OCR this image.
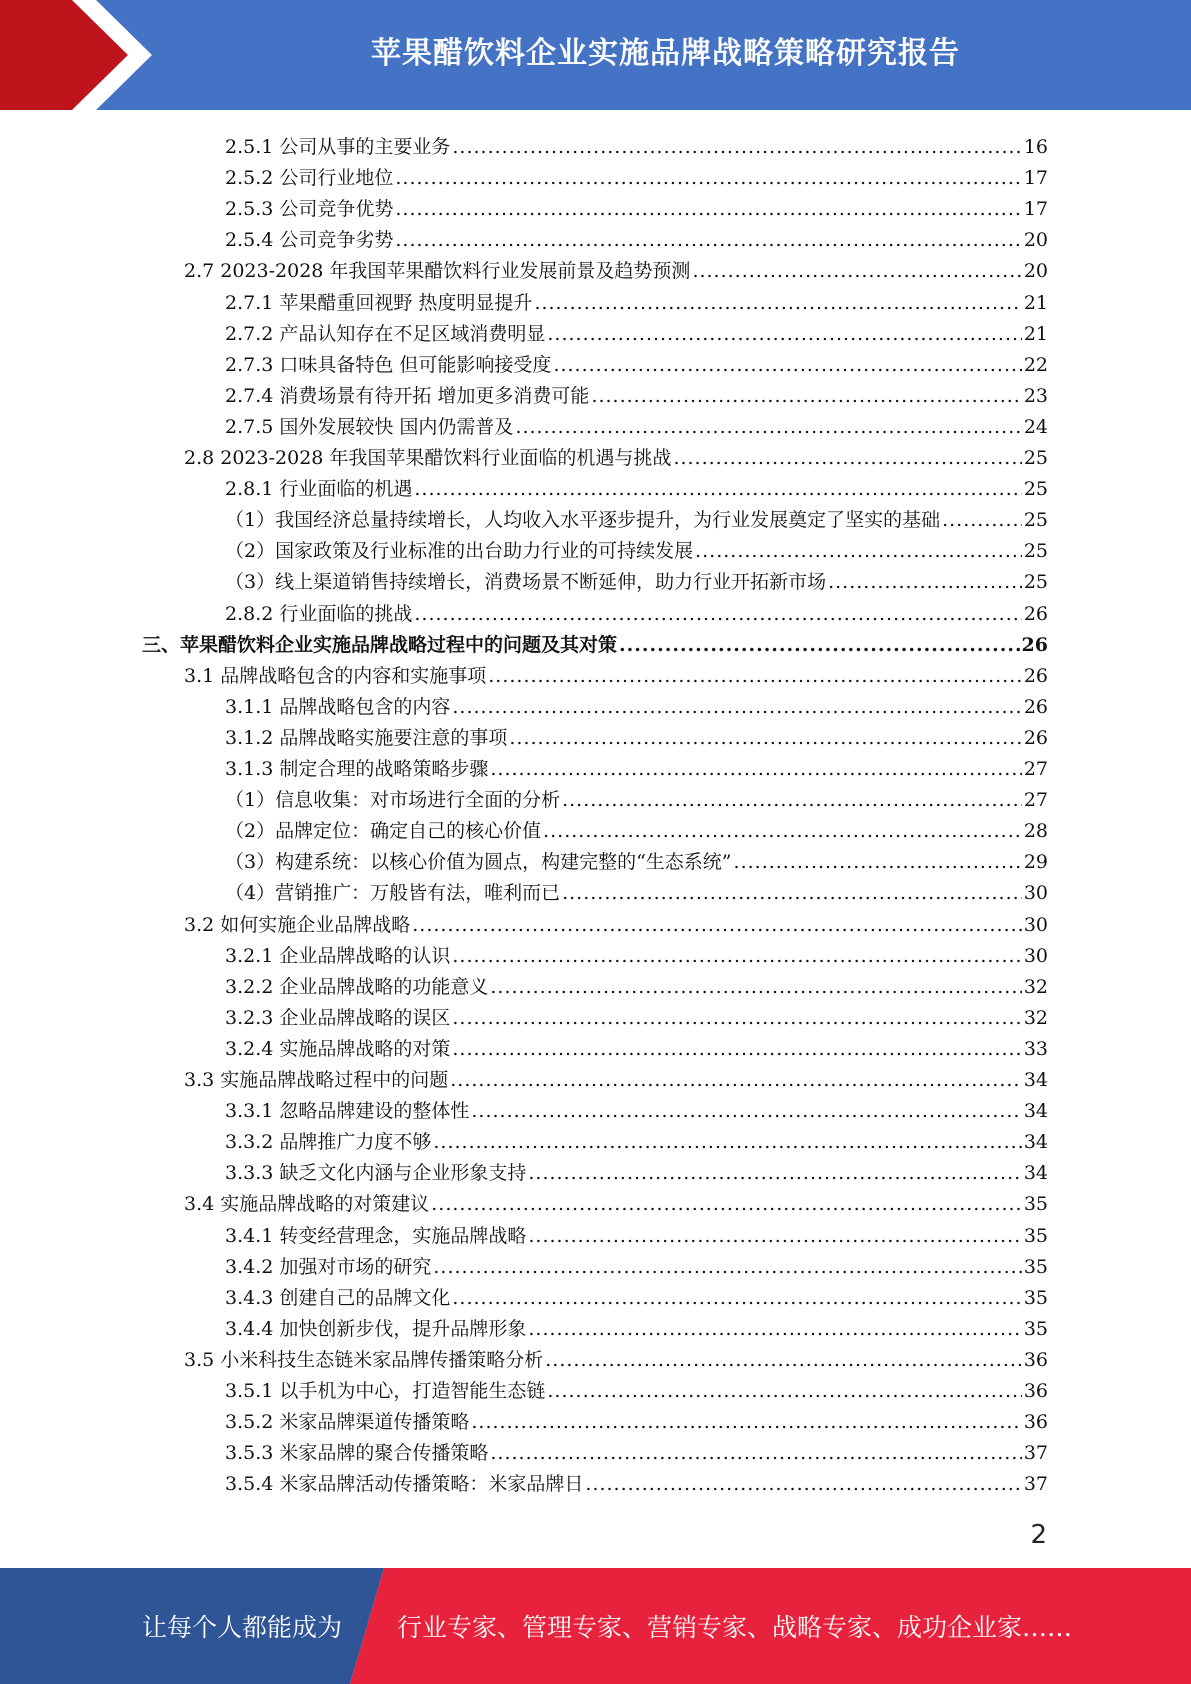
苹果醋饮料企业实施品牌战略策略研究报告
2.5.1 公司从事的主要业务 .....	16
2.5.2 公司行业地位 .....	17
2.5.3 公司竞争优势 .....	17
2.5.4 公司竞争劣势 .....	20
2.7 2023-2028 年我国苹果醋饮料行业发展前景及趋势预测 .....	20
2.7.1 苹果醋重回视野 热度明显提升 .....	21
2.7.2 产品认知存在不足区域消费明显 .....	21
2.7.3 口味具备特色 但可能影响接受度 .....	22
2.7.4 消费场景有待开拓 增加更多消费可能 .....	23
2.7.5 国外发展较快 国内仍需普及 .....	24
2.8 2023-2028 年我国苹果醋饮料行业面临的机遇与挑战 .....	25
2.8.1 行业面临的机遇 .....	25
（1）我国经济总量持续增长，人均收入水平逐步提升，为行业发展奠定了坚实的基础 .....	25
（2）国家政策及行业标准的出台助力行业的可持续发展 .....	25
（3）线上渠道销售持续增长，消费场景不断延伸，助力行业开拓新市场 .....	25
2.8.2 行业面临的挑战 .....	26
三、苹果醋饮料企业实施品牌战略过程中的问题及其对策 .....	26
3.1 品牌战略包含的内容和实施事项 .....	26
3.1.1 品牌战略包含的内容 .....	26
3.1.2 品牌战略实施要注意的事项 .....	26
3.1.3 制定合理的战略策略步骤 .....	27
（1）信息收集：对市场进行全面的分析 .....	27
（2）品牌定位：确定自己的核心价值 .....	28
（3）构建系统：以核心价值为圆点，构建完整的“生态系统” .....	29
（4）营销推广：万般皆有法，唯利而已 .....	30
3.2 如何实施企业品牌战略 .....	30
3.2.1 企业品牌战略的认识 .....	30
3.2.2 企业品牌战略的功能意义 .....	32
3.2.3 企业品牌战略的误区 .....	32
3.2.4 实施品牌战略的对策 .....	33
3.3 实施品牌战略过程中的问题 .....	34
3.3.1 忽略品牌建设的整体性 .....	34
3.3.2 品牌推广力度不够 .....	34
3.3.3 缺乏文化内涵与企业形象支持 .....	34
3.4 实施品牌战略的对策建议 .....	35
3.4.1 转变经营理念，实施品牌战略 .....	35
3.4.2 加强对市场的研究 .....	35
3.4.3 创建自己的品牌文化 .....	35
3.4.4 加快创新步伐，提升品牌形象 .....	35
3.5 小米科技生态链米家品牌传播策略分析 .....	36
3.5.1 以手机为中心，打造智能生态链 .....	36
3.5.2 米家品牌渠道传播策略 .....	36
3.5.3 米家品牌的聚合传播策略 .....	37
3.5.4 米家品牌活动传播策略：米家品牌日 .....	37
2
让每个人都能成为 行业专家、管理专家、营销专家、战略专家、成功企业家……
